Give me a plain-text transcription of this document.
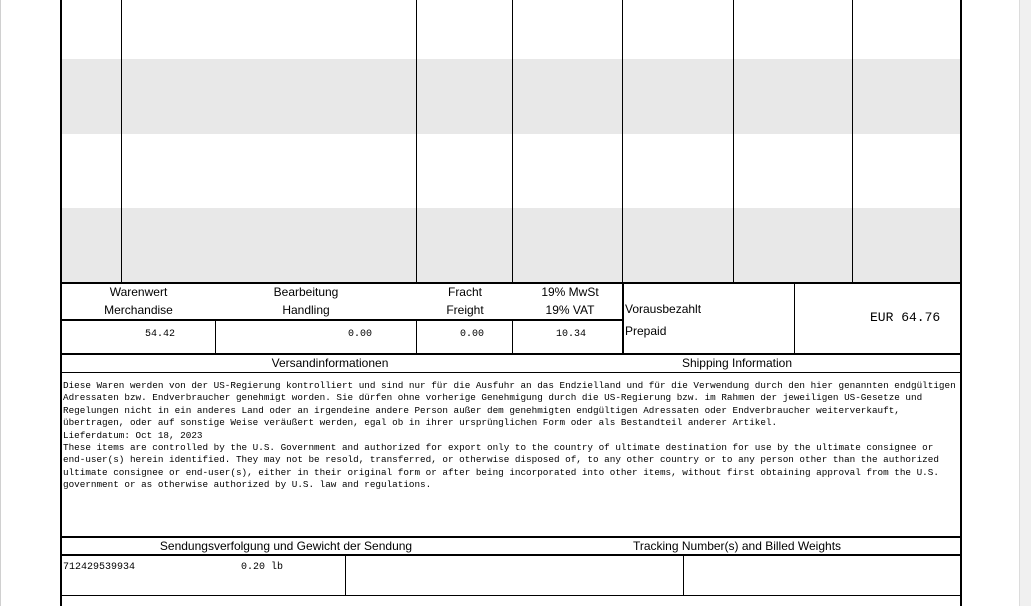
Warenwert
Merchandise
Bearbeitung
Handling
Fracht
Freight
19% MwSt
19% VAT
54.42	0.00	0.00	10.34
Vorausbezahlt
Prepaid
EUR 64.76
Versandinformationen	Shipping Information
Diese Waren werden von der US-Regierung kontrolliert und sind nur für die Ausfuhr an das Endzielland und für die Verwendung durch den hier genannten endgültigen Adressaten bzw. Endverbraucher genehmigt worden. Sie dürfen ohne vorherige Genehmigung durch die US-Regierung bzw. im Rahmen der jeweiligen US-Gesetze und Regelungen nicht in ein anderes Land oder an irgendeine andere Person außer dem genehmigten endgültigen Adressaten oder Endverbraucher weiterverkauft, übertragen, oder auf sonstige Weise veräußert werden, egal ob in ihrer ursprünglichen Form oder als Bestandteil anderer Artikel.
Lieferdatum: Oct 18, 2023
These items are controlled by the U.S. Government and authorized for export only to the country of ultimate destination for use by the ultimate consignee or end-user(s) herein identified. They may not be resold, transferred, or otherwise disposed of, to any other country or to any person other than the authorized ultimate consignee or end-user(s), either in their original form or after being incorporated into other items, without first obtaining approval from the U.S. government or as otherwise authorized by U.S. law and regulations.
Sendungsverfolgung und Gewicht der Sendung	Tracking Number(s) and Billed Weights
712429539934	0.20 lb
